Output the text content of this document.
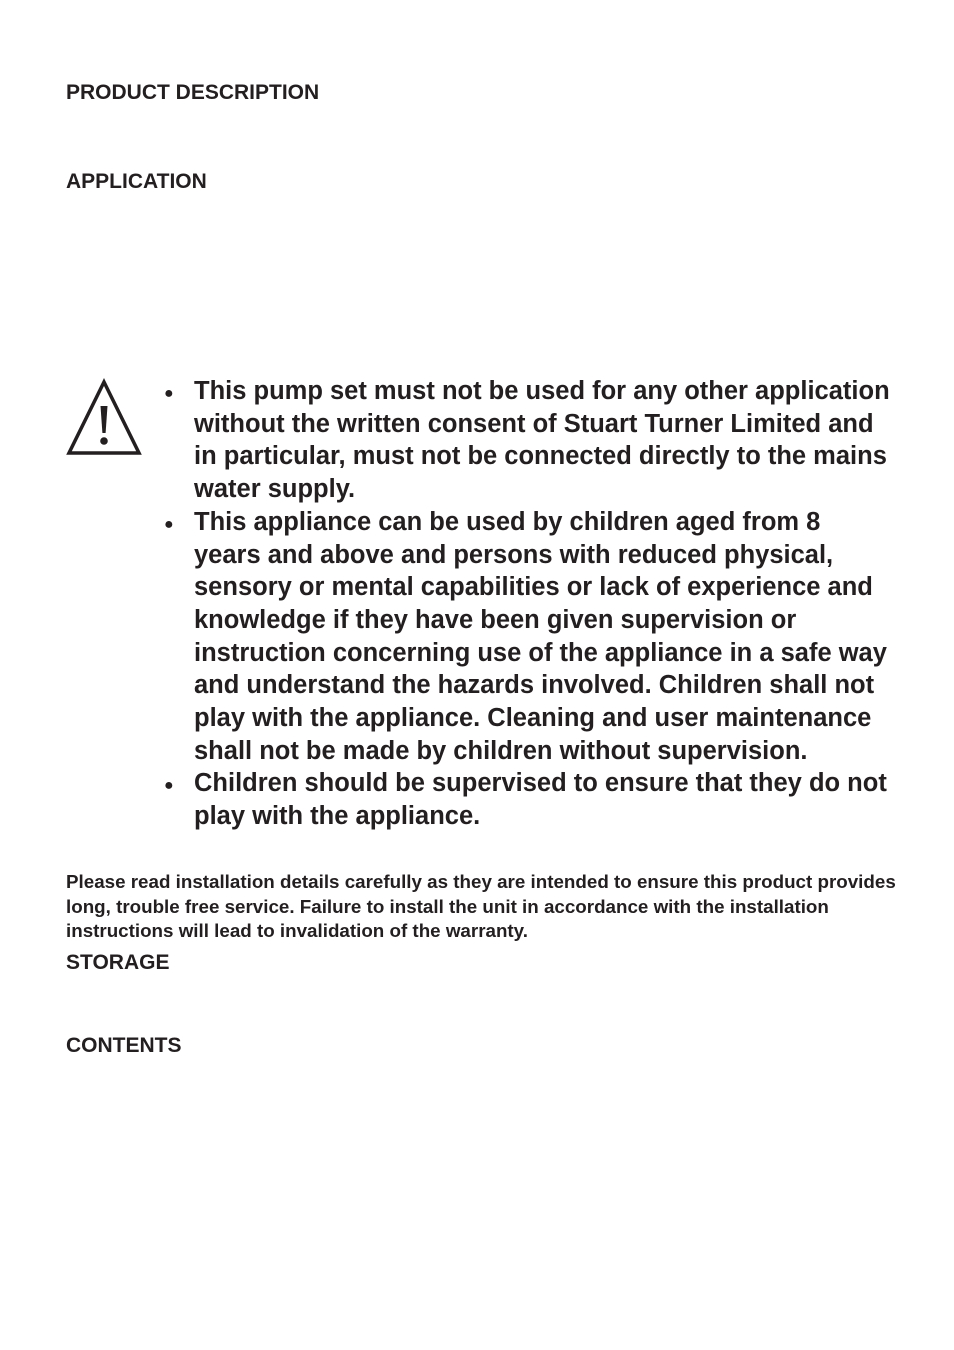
PRODUCT DESCRIPTION
APPLICATION
● This pump set must not be used for any other application without the written consent of Stuart Turner Limited and in particular, must not be connected directly to the mains water supply.
● This appliance can be used by children aged from 8 years and above and persons with reduced physical, sensory or mental capabilities or lack of experience and knowledge if they have been given supervision or instruction concerning use of the appliance in a safe way and understand the hazards involved. Children shall not play with the appliance. Cleaning and user maintenance shall not be made by children without supervision.
● Children should be supervised to ensure that they do not play with the appliance.

Please read installation details carefully as they are intended to ensure this product provides long, trouble free service. Failure to install the unit in accordance with the installation instructions will lead to invalidation of the warranty.

STORAGE
CONTENTS
